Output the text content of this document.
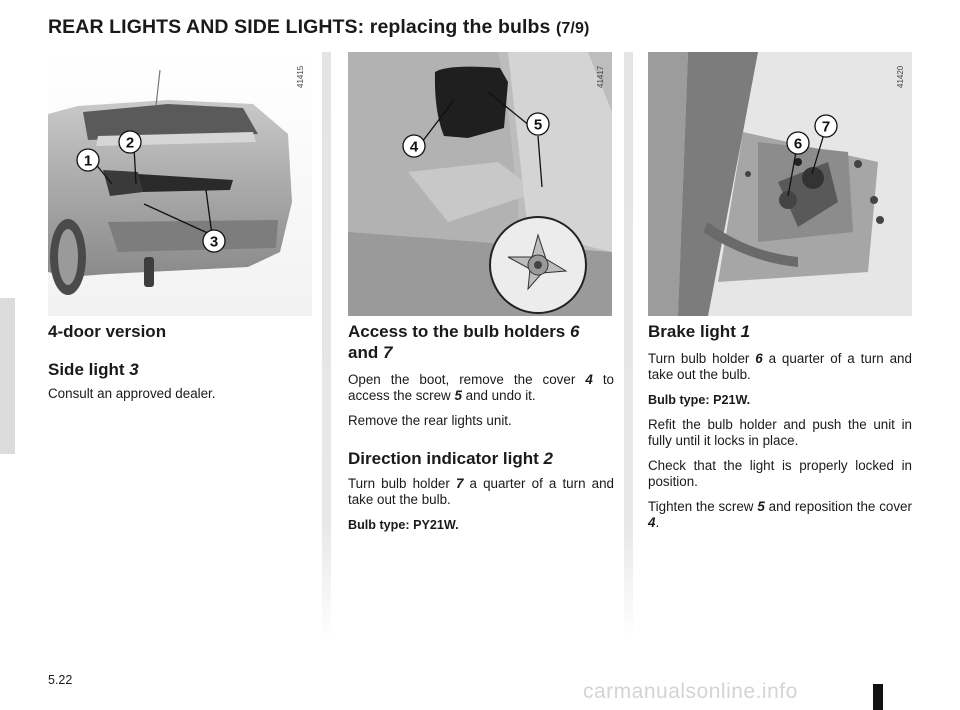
REAR LIGHTS AND SIDE LIGHTS: replacing the bulbs (7/9)
1
2
3
41415
4
5
41417
6
7
41420
4-door version
Side light 3

Consult an approved dealer.

Access to the bulb holders 6 and 7

Open the boot, remove the cover 4 to access the screw 5 and undo it.

Remove the rear lights unit.

Direction indicator light 2

Turn bulb holder 7 a quarter of a turn and take out the bulb.

Bulb type: PY21W.

Brake light 1

Turn bulb holder 6 a quarter of a turn and take out the bulb.

Bulb type: P21W.

Refit the bulb holder and push the unit in fully until it locks in place.

Check that the light is properly locked in position.

Tighten the screw 5 and reposition the cover 4.

5.22	carmanualsonline.info
